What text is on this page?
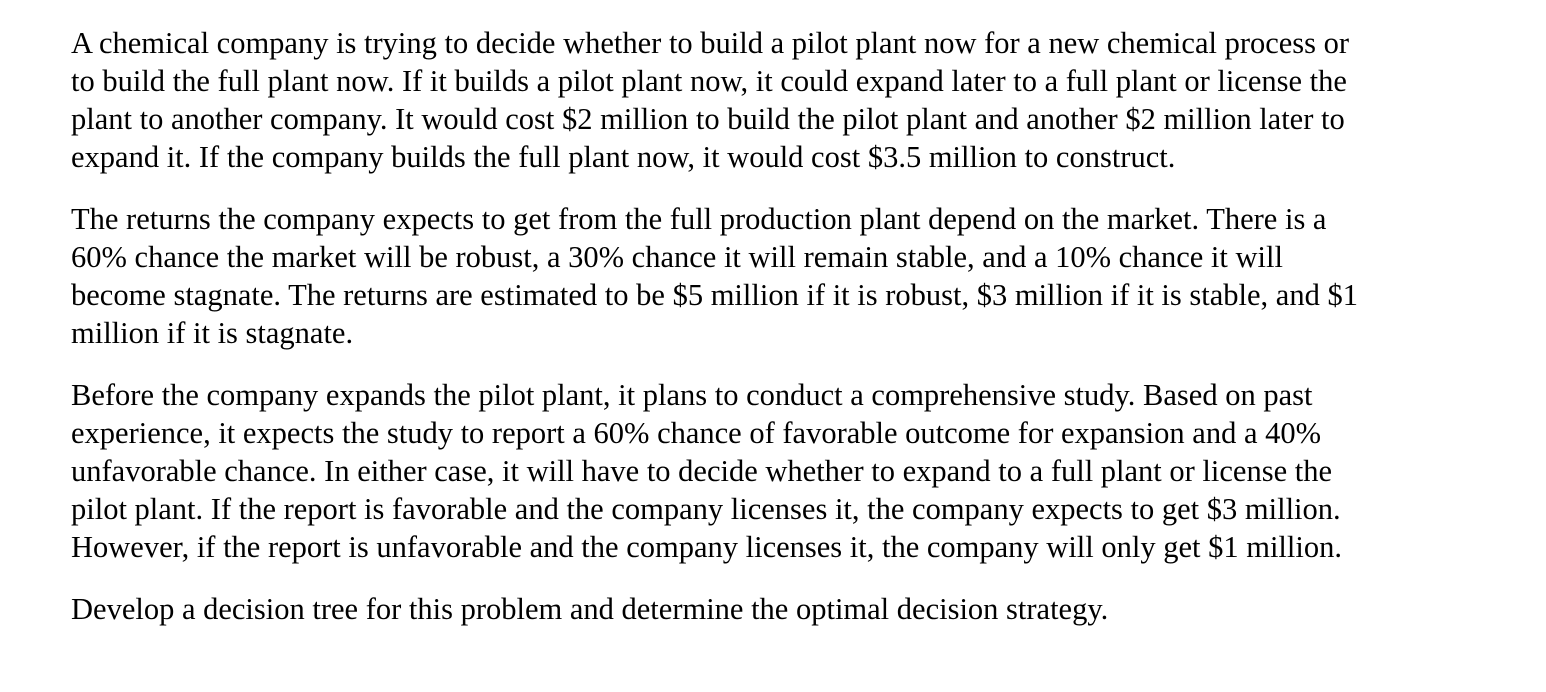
A chemical company is trying to decide whether to build a pilot plant now for a new chemical process or
to build the full plant now. If it builds a pilot plant now, it could expand later to a full plant or license the
plant to another company. It would cost $2 million to build the pilot plant and another $2 million later to
expand it. If the company builds the full plant now, it would cost $3.5 million to construct.

The returns the company expects to get from the full production plant depend on the market. There is a
60% chance the market will be robust, a 30% chance it will remain stable, and a 10% chance it will
become stagnate. The returns are estimated to be $5 million if it is robust, $3 million if it is stable, and $1
million if it is stagnate.

Before the company expands the pilot plant, it plans to conduct a comprehensive study. Based on past
experience, it expects the study to report a 60% chance of favorable outcome for expansion and a 40%
unfavorable chance. In either case, it will have to decide whether to expand to a full plant or license the
pilot plant. If the report is favorable and the company licenses it, the company expects to get $3 million.
However, if the report is unfavorable and the company licenses it, the company will only get $1 million.

Develop a decision tree for this problem and determine the optimal decision strategy.
